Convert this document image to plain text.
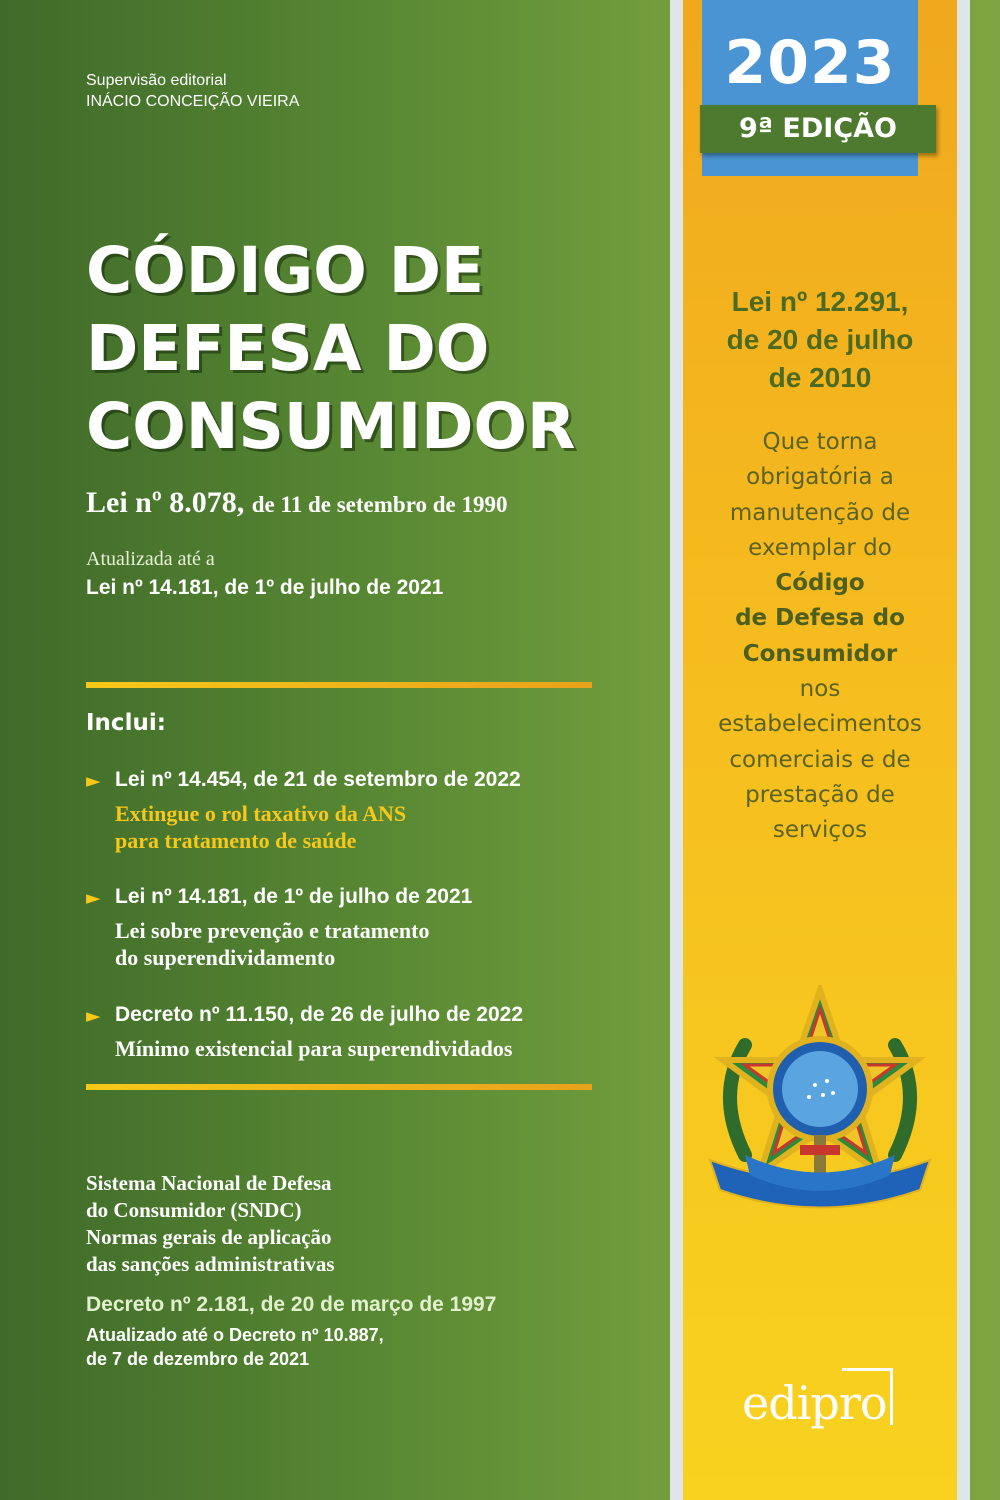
Supervisão editorial
INÁCIO CONCEIÇÃO VIEIRA
CÓDIGO DE
DEFESA DO
CONSUMIDOR
Lei nº 8.078, de 11 de setembro de 1990
Atualizada até a
Lei nº 14.181, de 1º de julho de 2021
Inclui:
► Lei nº 14.454, de 21 de setembro de 2022
Extingue o rol taxativo da ANS
para tratamento de saúde
► Lei nº 14.181, de 1º de julho de 2021
Lei sobre prevenção e tratamento
do superendividamento
► Decreto nº 11.150, de 26 de julho de 2022
Mínimo existencial para superendividados
Sistema Nacional de Defesa
do Consumidor (SNDC)
Normas gerais de aplicação
das sanções administrativas
Decreto nº 2.181, de 20 de março de 1997
Atualizado até o Decreto nº 10.887,
de 7 de dezembro de 2021
2023
9ª EDIÇÃO
Lei nº 12.291,
de 20 de julho
de 2010
Que torna
obrigatória a
manutenção de
exemplar do
Código
de Defesa do
Consumidor
nos
estabelecimentos
comerciais e de
prestação de
serviços
edipro
